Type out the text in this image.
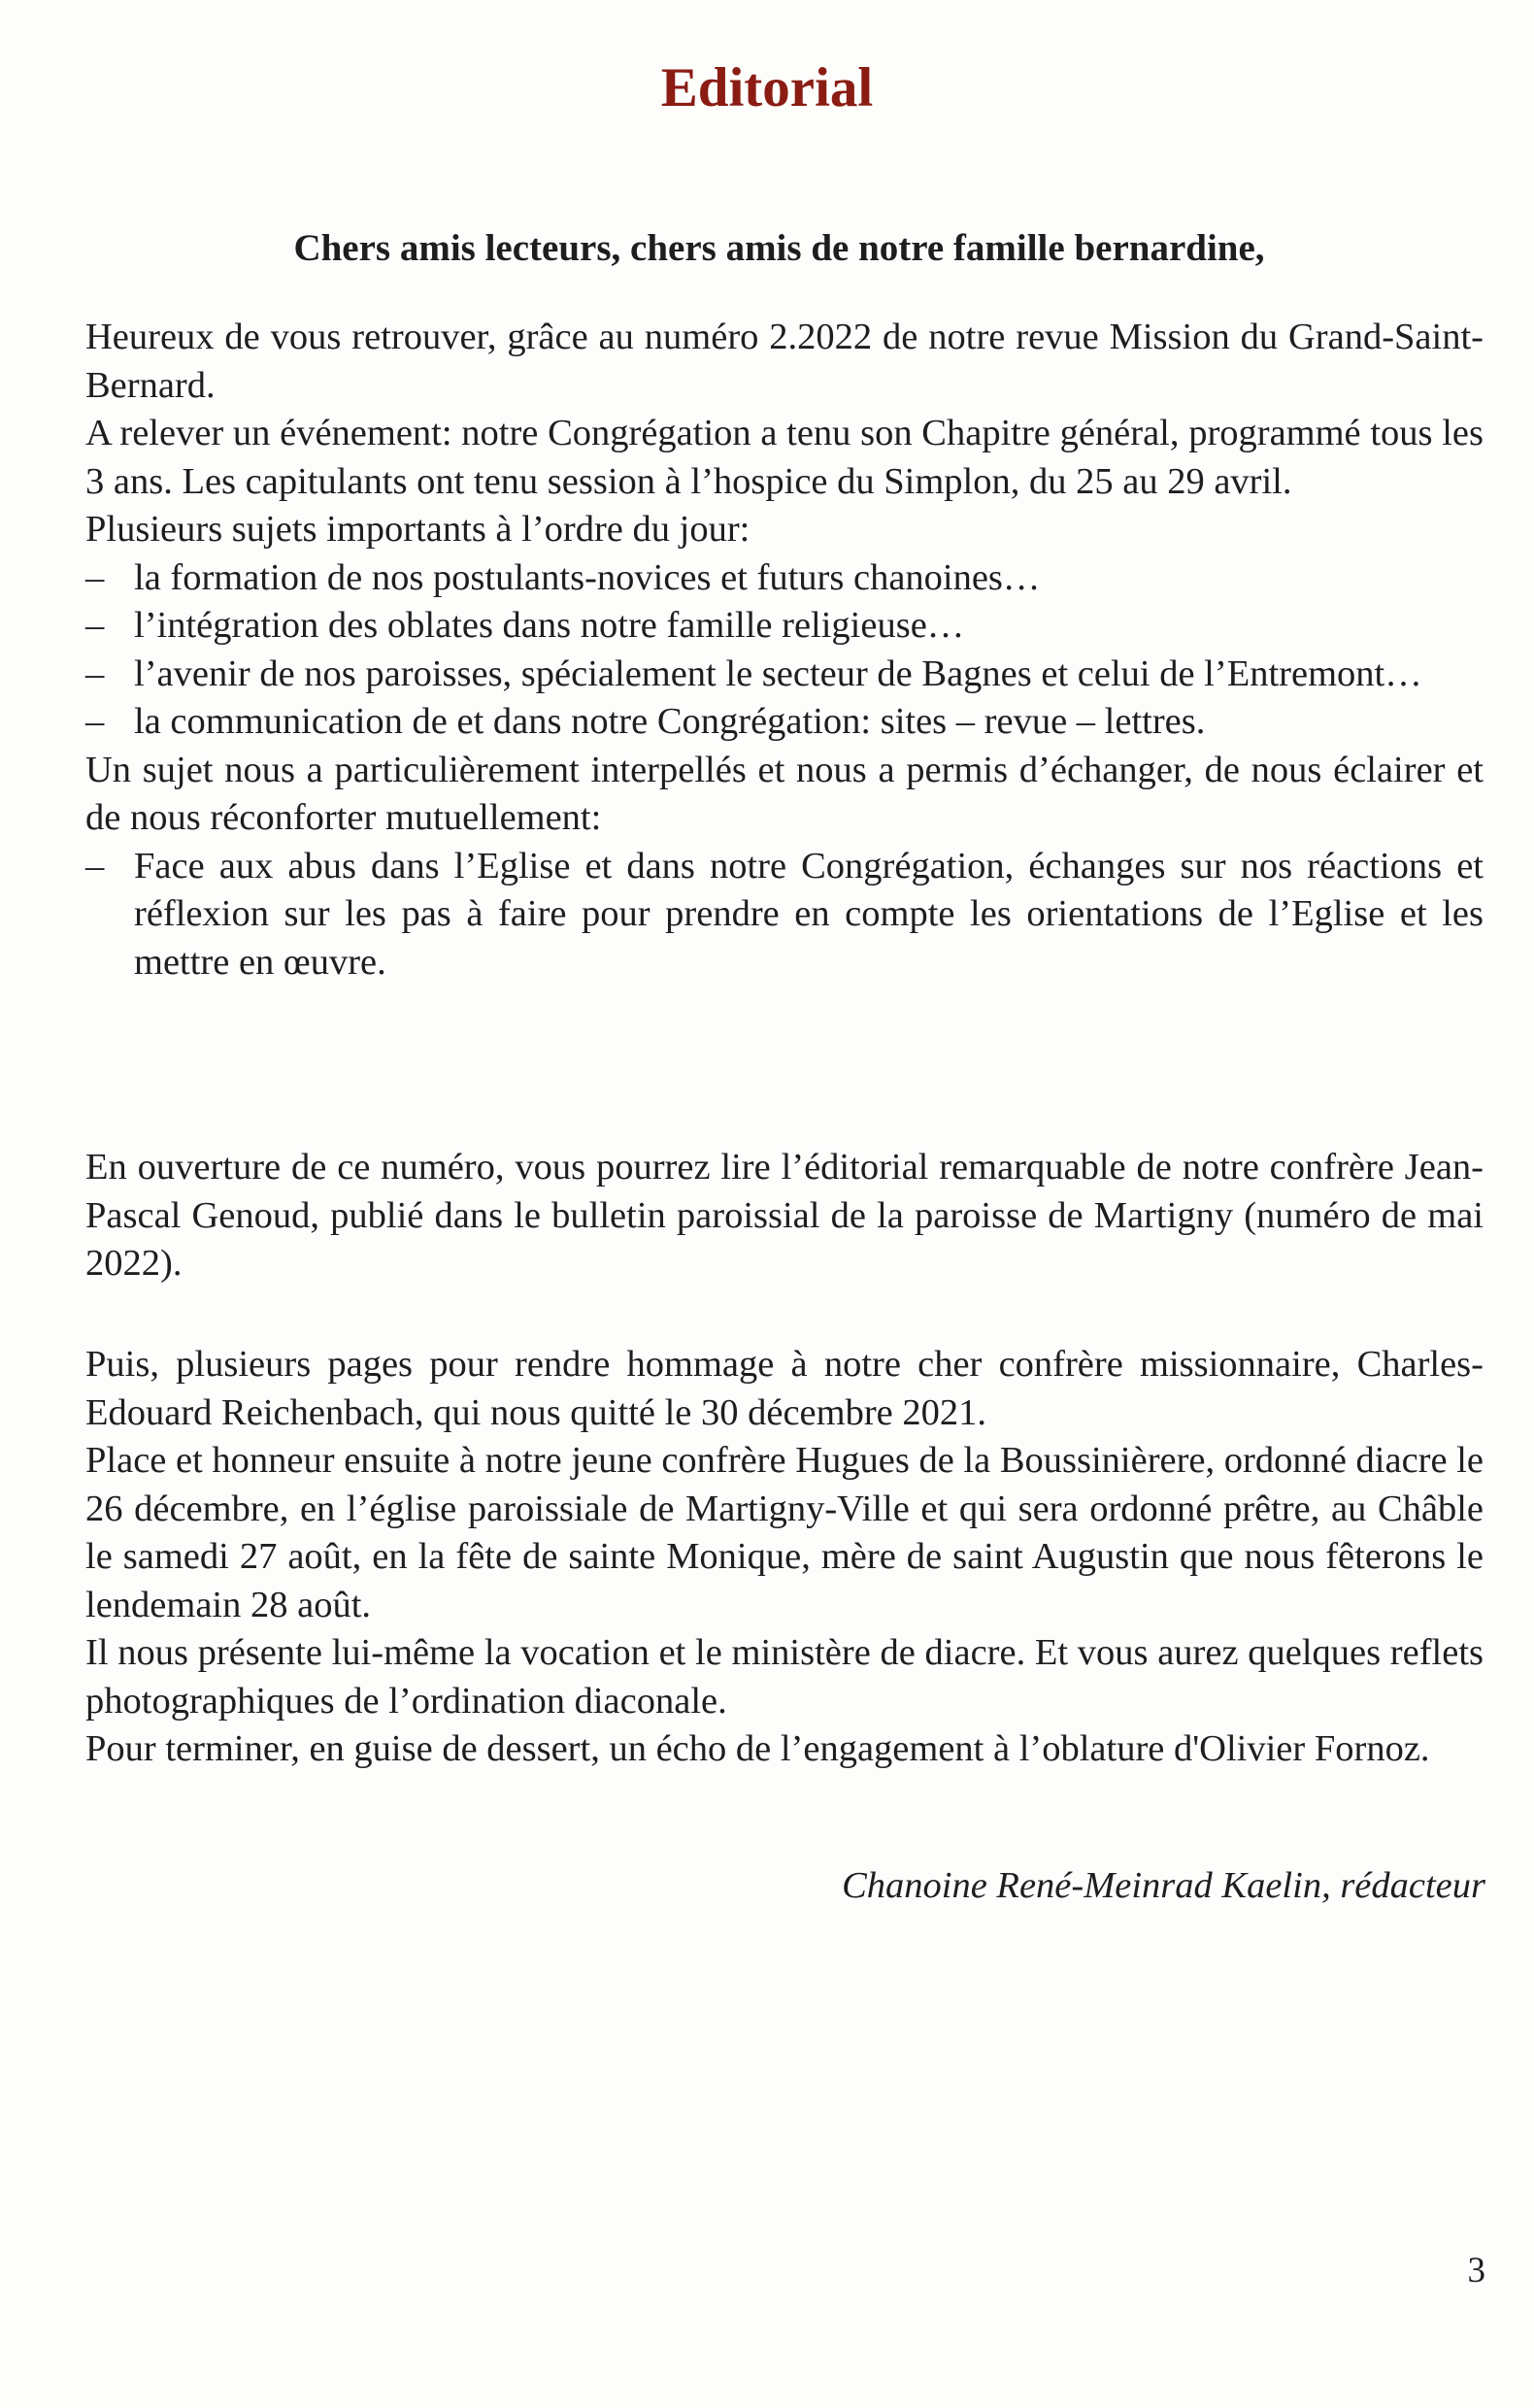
Editorial
Chers amis lecteurs, chers amis de notre famille bernardine,

Heureux de vous retrouver, grâce au numéro 2.2022 de notre revue Mission du Grand-Saint-Bernard.

A relever un événement: notre Congrégation a tenu son Chapitre général, programmé tous les 3 ans. Les capitulants ont tenu session à l’hospice du Simplon, du 25 au 29 avril.

Plusieurs sujets importants à l’ordre du jour:

– la formation de nos postulants-novices et futurs chanoines…
– l’intégration des oblates dans notre famille religieuse…
– l’avenir de nos paroisses, spécialement le secteur de Bagnes et celui de l’Entremont…
– la communication de et dans notre Congrégation: sites – revue – lettres.

Un sujet nous a particulièrement interpellés et nous a permis d’échanger, de nous éclairer et de nous réconforter mutuellement:

– Face aux abus dans l’Eglise et dans notre Congrégation, échanges sur nos réactions et réflexion sur les pas à faire pour prendre en compte les orientations de l’Eglise et les mettre en œuvre.

En ouverture de ce numéro, vous pourrez lire l’éditorial remarquable de notre confrère Jean-Pascal Genoud, publié dans le bulletin paroissial de la paroisse de Martigny (numéro de mai 2022).

Puis, plusieurs pages pour rendre hommage à notre cher confrère missionnaire, Charles-Edouard Reichenbach, qui nous quitté le 30 décembre 2021.

Place et honneur ensuite à notre jeune confrère Hugues de la Boussinièrere, ordonné diacre le 26 décembre, en l’église paroissiale de Martigny-Ville et qui sera ordonné prêtre, au Châble le samedi 27 août, en la fête de sainte Monique, mère de saint Augustin que nous fêterons le lendemain 28 août.

Il nous présente lui-même la vocation et le ministère de diacre. Et vous aurez quelques reflets photographiques de l’ordination diaconale.

Pour terminer, en guise de dessert, un écho de l’engagement à l’oblature d'Olivier Fornoz.

Chanoine René-Meinrad Kaelin, rédacteur

3
